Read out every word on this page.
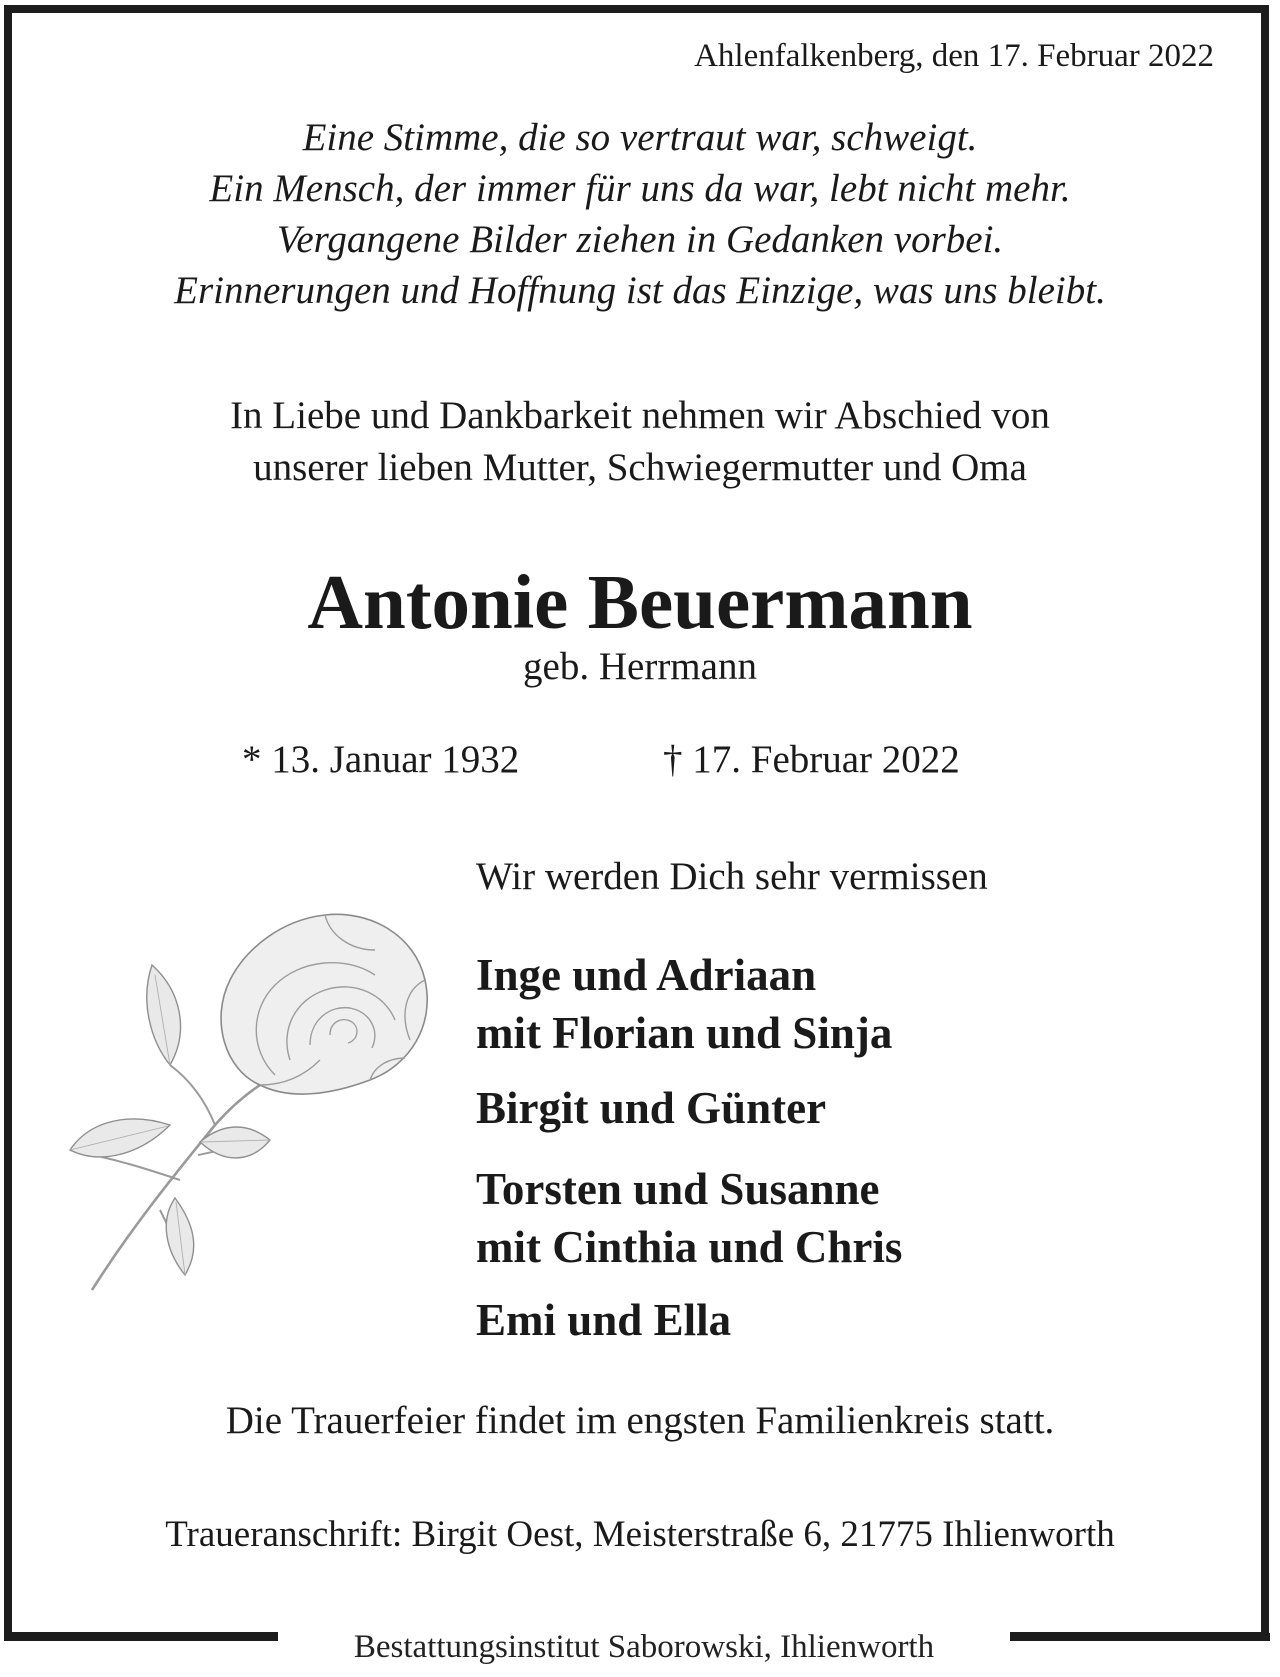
Ahlenfalkenberg, den 17. Februar 2022
Eine Stimme, die so vertraut war, schweigt.
Ein Mensch, der immer für uns da war, lebt nicht mehr.
Vergangene Bilder ziehen in Gedanken vorbei.
Erinnerungen und Hoffnung ist das Einzige, was uns bleibt.
In Liebe und Dankbarkeit nehmen wir Abschied von
unserer lieben Mutter, Schwiegermutter und Oma
Antonie Beuermann
geb. Herrmann
* 13. Januar 1932	† 17. Februar 2022
Wir werden Dich sehr vermissen
Inge und Adriaan
mit Florian und Sinja
Birgit und Günter
Torsten und Susanne
mit Cinthia und Chris
Emi und Ella
Die Trauerfeier findet im engsten Familienkreis statt.
Traueranschrift: Birgit Oest, Meisterstraße 6, 21775 Ihlienworth
Bestattungsinstitut Saborowski, Ihlienworth
